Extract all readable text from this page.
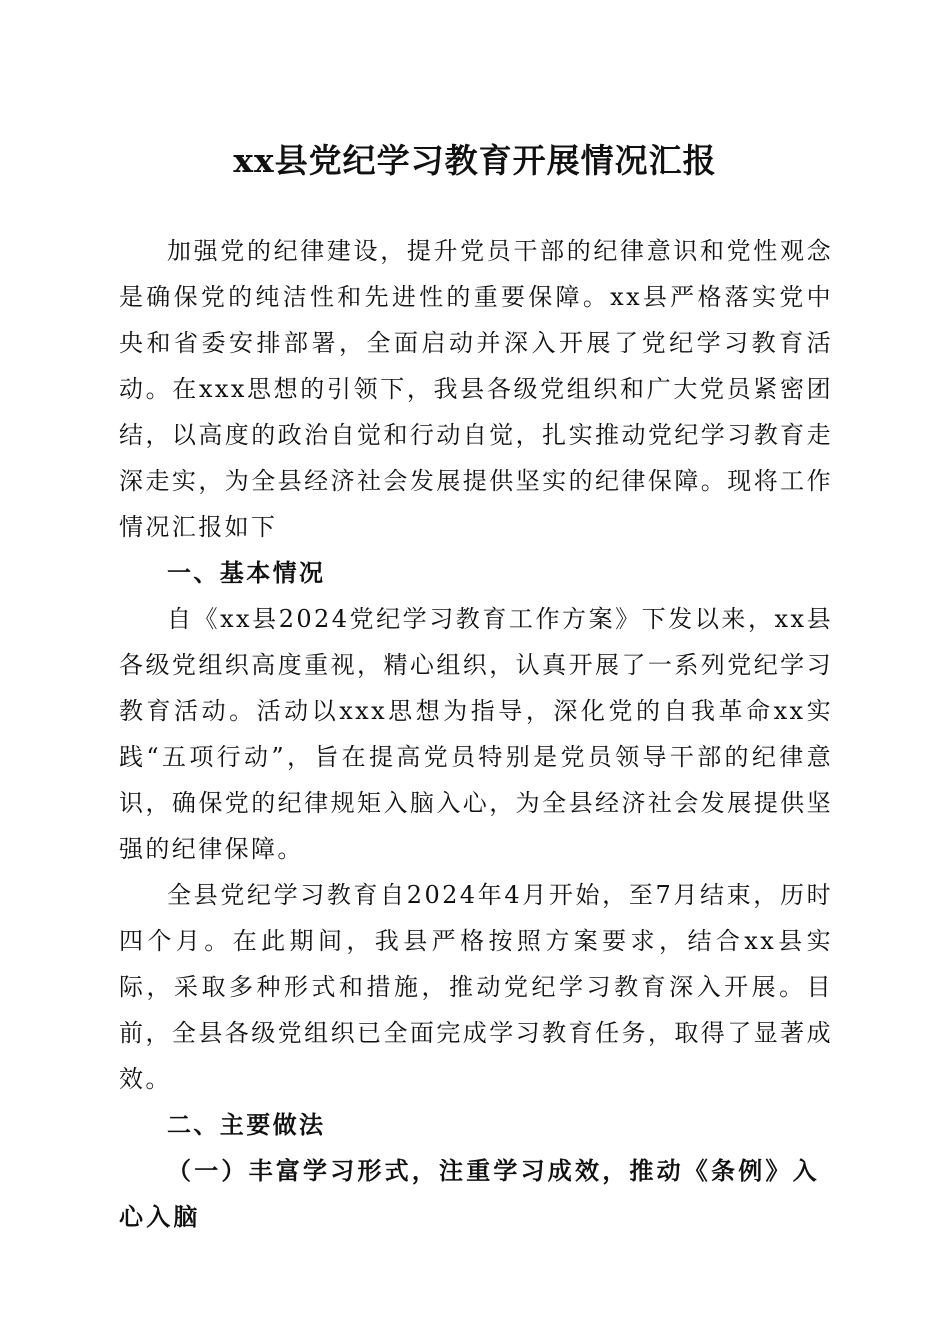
xx县党纪学习教育开展情况汇报

加强党的纪律建设，提升党员干部的纪律意识和党性观念是确保党的纯洁性和先进性的重要保障。xx县严格落实党中央和省委安排部署，全面启动并深入开展了党纪学习教育活动。在xxx思想的引领下，我县各级党组织和广大党员紧密团结，以高度的政治自觉和行动自觉，扎实推动党纪学习教育走深走实，为全县经济社会发展提供坚实的纪律保障。现将工作情况汇报如下

一、基本情况

自《xx县2024党纪学习教育工作方案》下发以来，xx县各级党组织高度重视，精心组织，认真开展了一系列党纪学习教育活动。活动以xxx思想为指导，深化党的自我革命xx实践“五项行动”，旨在提高党员特别是党员领导干部的纪律意识，确保党的纪律规矩入脑入心，为全县经济社会发展提供坚强的纪律保障。

全县党纪学习教育自2024年4月开始，至7月结束，历时四个月。在此期间，我县严格按照方案要求，结合xx县实际，采取多种形式和措施，推动党纪学习教育深入开展。目前，全县各级党组织已全面完成学习教育任务，取得了显著成效。

二、主要做法

（一）丰富学习形式，注重学习成效，推动《条例》入心入脑
